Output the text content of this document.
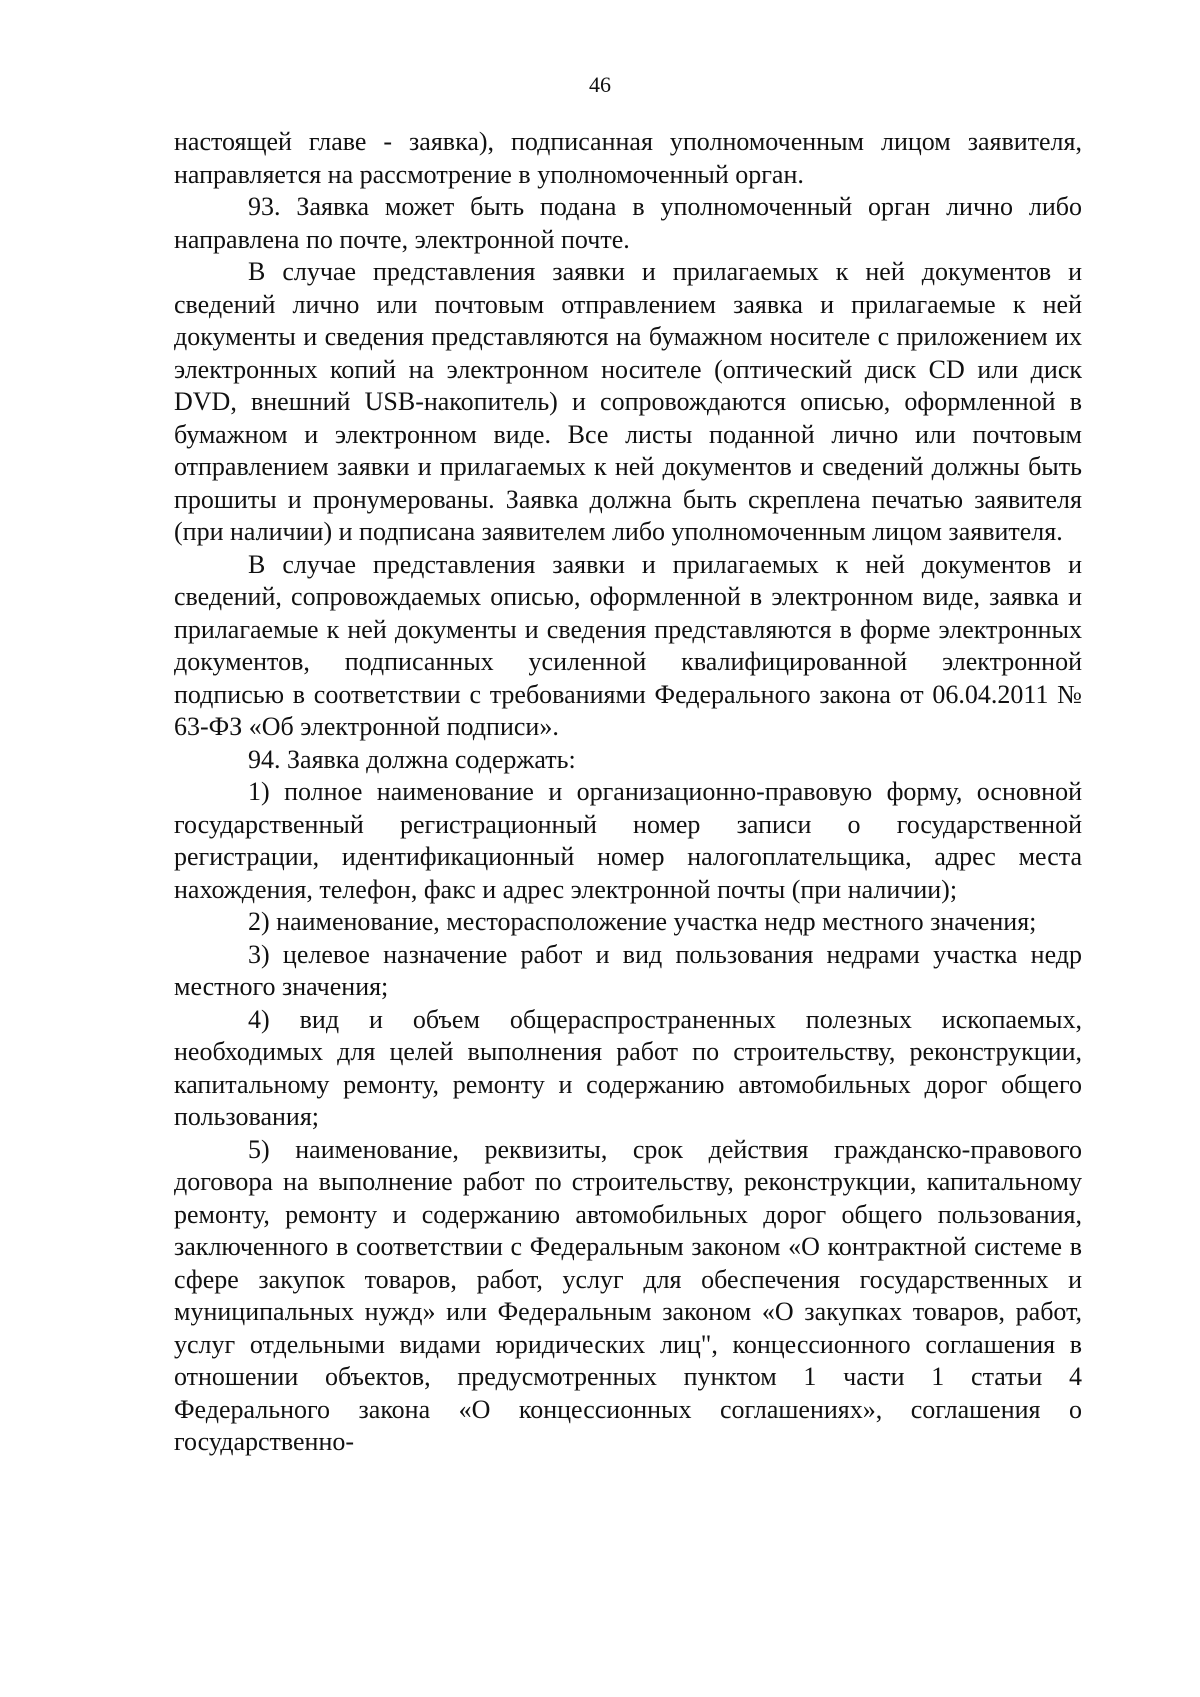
46

настоящей главе - заявка), подписанная уполномоченным лицом заявителя, направляется на рассмотрение в уполномоченный орган.

93. Заявка может быть подана в уполномоченный орган лично либо направлена по почте, электронной почте.

В случае представления заявки и прилагаемых к ней документов и сведений лично или почтовым отправлением заявка и прилагаемые к ней документы и сведения представляются на бумажном носителе с приложением их электронных копий на электронном носителе (оптический диск CD или диск DVD, внешний USB-накопитель) и сопровождаются описью, оформленной в бумажном и электронном виде. Все листы поданной лично или почтовым отправлением заявки и прилагаемых к ней документов и сведений должны быть прошиты и пронумерованы. Заявка должна быть скреплена печатью заявителя (при наличии) и подписана заявителем либо уполномоченным лицом заявителя.

В случае представления заявки и прилагаемых к ней документов и сведений, сопровождаемых описью, оформленной в электронном виде, заявка и прилагаемые к ней документы и сведения представляются в форме электронных документов, подписанных усиленной квалифицированной электронной подписью в соответствии с требованиями Федерального закона от 06.04.2011 № 63-ФЗ «Об электронной подписи».

94. Заявка должна содержать:

1) полное наименование и организационно-правовую форму, основной государственный регистрационный номер записи о государственной регистрации, идентификационный номер налогоплательщика, адрес места нахождения, телефон, факс и адрес электронной почты (при наличии);

2) наименование, месторасположение участка недр местного значения;

3) целевое назначение работ и вид пользования недрами участка недр местного значения;

4) вид и объем общераспространенных полезных ископаемых, необходимых для целей выполнения работ по строительству, реконструкции, капитальному ремонту, ремонту и содержанию автомобильных дорог общего пользования;

5) наименование, реквизиты, срок действия гражданско-правового договора на выполнение работ по строительству, реконструкции, капитальному ремонту, ремонту и содержанию автомобильных дорог общего пользования, заключенного в соответствии с Федеральным законом «О контрактной системе в сфере закупок товаров, работ, услуг для обеспечения государственных и муниципальных нужд» или Федеральным законом «О закупках товаров, работ, услуг отдельными видами юридических лиц", концессионного соглашения в отношении объектов, предусмотренных пунктом 1 части 1 статьи 4 Федерального закона «О концессионных соглашениях», соглашения о государственно-
